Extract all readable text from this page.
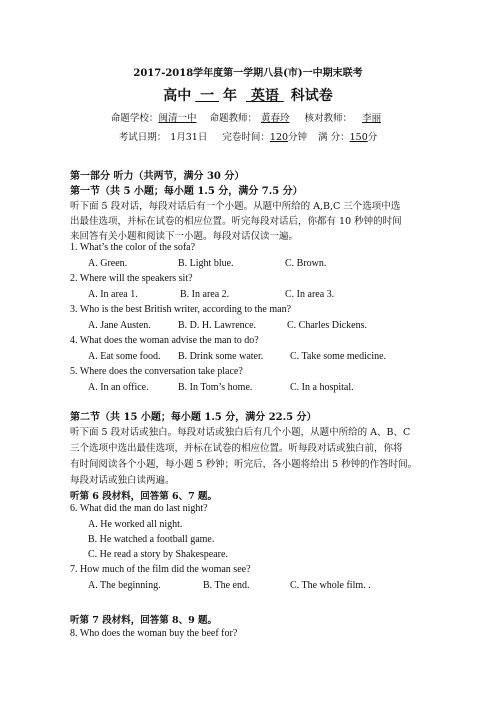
2017-2018学年度第一学期八县(市)一中期末联考
高中 一 年 英语 科试卷
命题学校：闽清一中 命题教师： 黄春玲 核对教师： 李丽
考试日期： 1月31日 完卷时间：120分钟 满 分：150分
第一部分 听力（共两节，满分 30 分）
第一节（共 5 小题；每小题 1.5 分，满分 7.5 分）
听下面 5 段对话，每段对话后有一个小题。从题中所给的 A,B,C 三个选项中选
出最佳选项，并标在试卷的相应位置。听完每段对话后，你都有 10 秒钟的时间
来回答有关小题和阅读下一小题。每段对话仅读一遍。
1. What’s the color of the sofa?
A. Green.	B. Light blue.	C. Brown.
2. Where will the speakers sit?
A. In area 1.	B. In area 2.	C. In area 3.
3. Who is the best British writer, according to the man?
A. Jane Austen.	B. D. H. Lawrence.	C. Charles Dickens.
4. What does the woman advise the man to do?
A. Eat some food. B. Drink some water.	C. Take some medicine.
5. Where does the conversation take place?
A. In an office.	B. In Tom’s home.	C. In a hospital.
第二节（共 15 小题；每小题 1.5 分，满分 22.5 分）
听下面 5 段对话或独白。每段对话或独白后有几个小题，从题中所给的 A、B、C
三个选项中选出最佳选项，并标在试卷的相应位置。听每段对话或独白前，你将
有时间阅读各个小题，每小题 5 秒钟；听完后，各小题将给出 5 秒钟的作答时间。
每段对话或独白读两遍。
听第 6 段材料，回答第 6、7 题。
6. What did the man do last night?
A. He worked all night.
B. He watched a football game.
C. He read a story by Shakespeare.
7. How much of the film did the woman see?
A. The beginning.	B. The end.	C. The whole film. .
听第 7 段材料，回答第 8、9 题。
8. Who does the woman buy the beef for?
